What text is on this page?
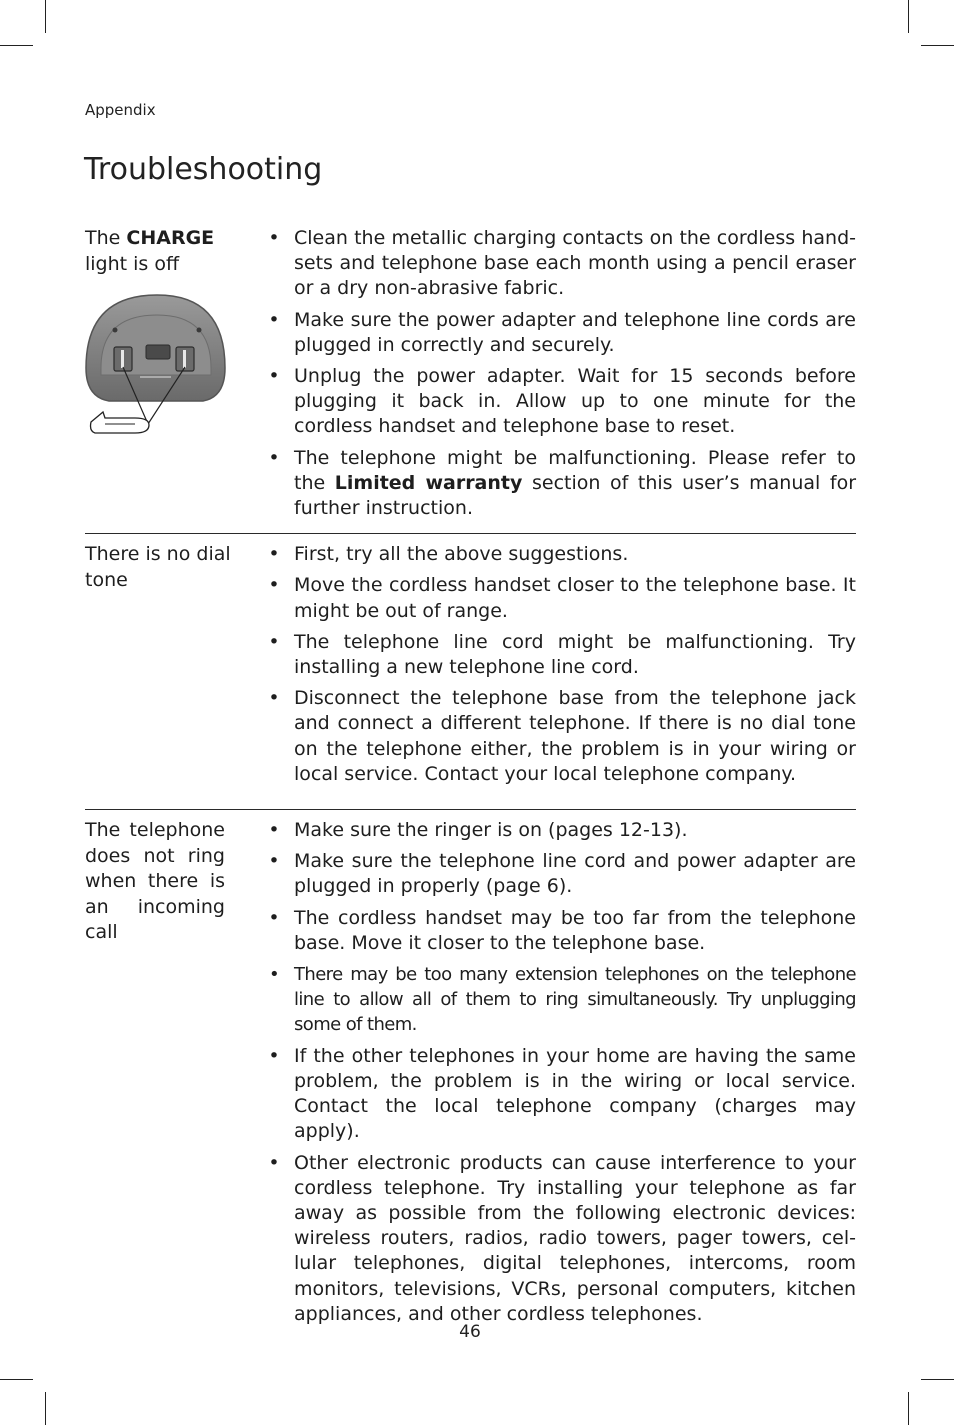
Appendix
Troubleshooting
The CHARGE
light is off
• Clean the metallic charging contacts on the cordless hand-sets and telephone base each month using a pencil eraser or a dry non-abrasive fabric.
• Make sure the power adapter and telephone line cords are plugged in correctly and securely.
• Unplug the power adapter. Wait for 15 seconds before plugging it back in. Allow up to one minute for the cordless handset and telephone base to reset.
• The telephone might be malfunctioning. Please refer to the Limited warranty section of this user’s manual for further instruction.
There is no dial tone
• First, try all the above suggestions.
• Move the cordless handset closer to the telephone base. It might be out of range.
• The telephone line cord might be malfunctioning. Try installing a new telephone line cord.
• Disconnect the telephone base from the telephone jack and connect a different telephone. If there is no dial tone on the telephone either, the problem is in your wiring or local service. Contact your local telephone company.
The telephone does not ring when there is an incoming call
• Make sure the ringer is on (pages 12-13).
• Make sure the telephone line cord and power adapter are plugged in properly (page 6).
• The cordless handset may be too far from the telephone base. Move it closer to the telephone base.
• There may be too many extension telephones on the telephone line to allow all of them to ring simultaneously. Try unplugging some of them.
• If the other telephones in your home are having the same problem, the problem is in the wiring or local service. Contact the local telephone company (charges may apply).
• Other electronic products can cause interference to your cordless telephone. Try installing your telephone as far away as possible from the following electronic devices: wireless routers, radios, radio towers, pager towers, cel-lular telephones, digital telephones, intercoms, room monitors, televisions, VCRs, personal computers, kitchen appliances, and other cordless telephones.
46
